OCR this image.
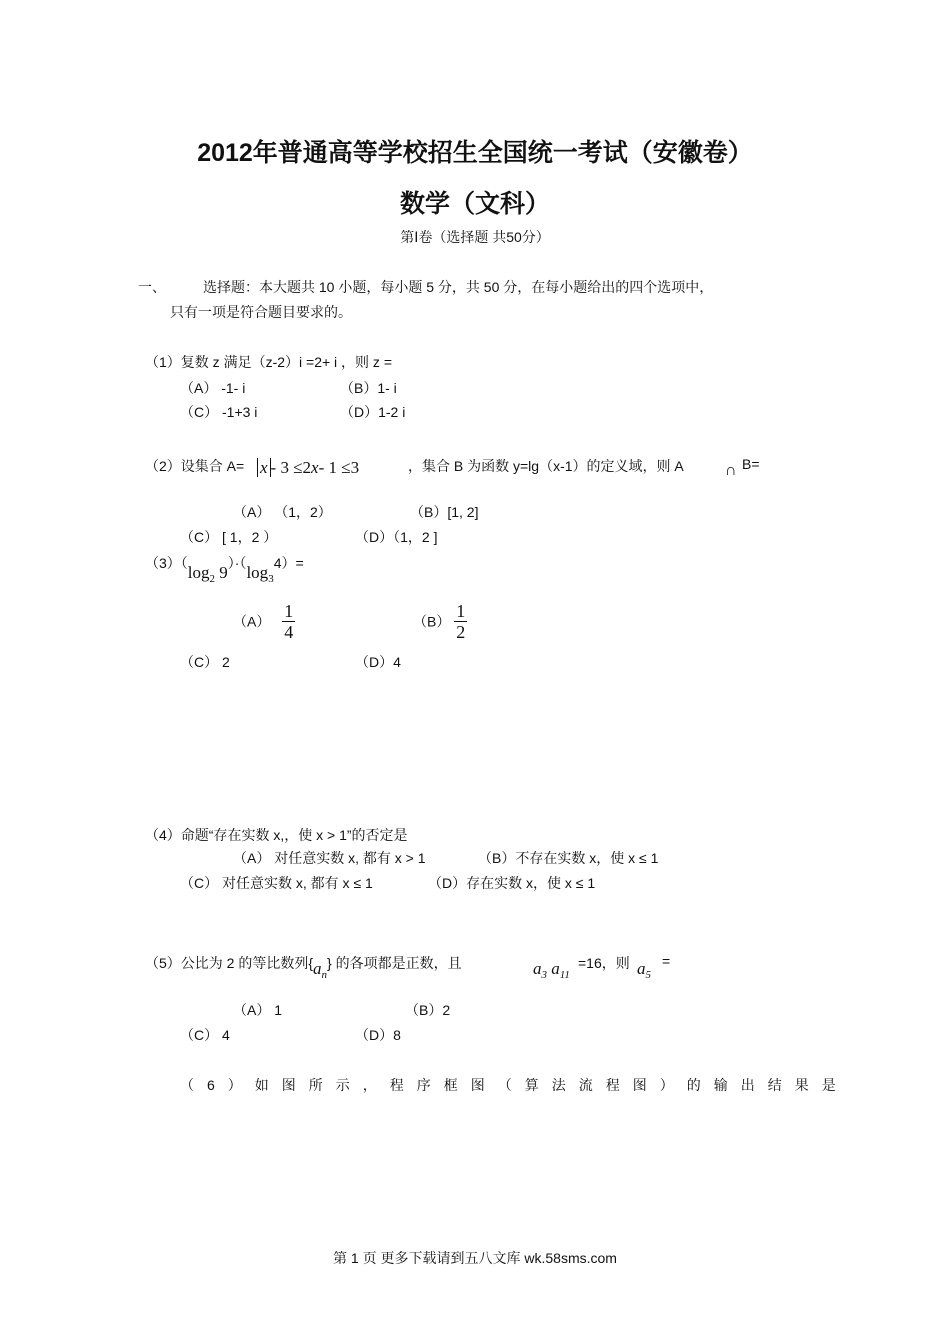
2012年普通高等学校招生全国统一考试（安徽卷）
数学（文科）
第Ⅰ卷（选择题 共50分）
一、	选择题：本大题共 10 小题，每小题 5 分，共 50 分，在每小题给出的四个选项中，
只有一项是符合题目要求的。
（1）复数 z 满足（z-2）i =2+ i ，则 z =
（A） -1- i	（B）1- i
（C） -1+3 i	（D）1-2 i
（2）设集合 A= x - 3 ≤2x- 1 ≤3	，集合 B 为函数 y=lg（x-1）的定义域，则 A	∩ B=
（A） （1，2）	（B）[1, 2]
（C） [ 1，2 ）	（D）（1，2 ]
$(3)(\log_2$ $9)\cdot(\log_34)=$
$(A) \frac{1}{4}$	$(B) \frac{1}{2}$
（C） 2	（D）4
（4）命题“存在实数 x,，使 x > 1”的否定是
（A） 对任意实数 x, 都有 x > 1	（B）不存在实数 x，使 x ≤ 1
（C） 对任意实数 x, 都有 x ≤ 1	（D）存在实数 x，使 x ≤ 1
（5）公比为 2 的等比数列$\{a_n\}$ 的各项都是正数，且	$a_3$ $a_{11}$
=16，则 $a_5$
=
（A） 1	（B）2
（C） 4	（D）8
（6）如图所示，程序框图（算法流程图）的输出结果是
第 1 页 更多下载请到五八文库 wk.58sms.com
